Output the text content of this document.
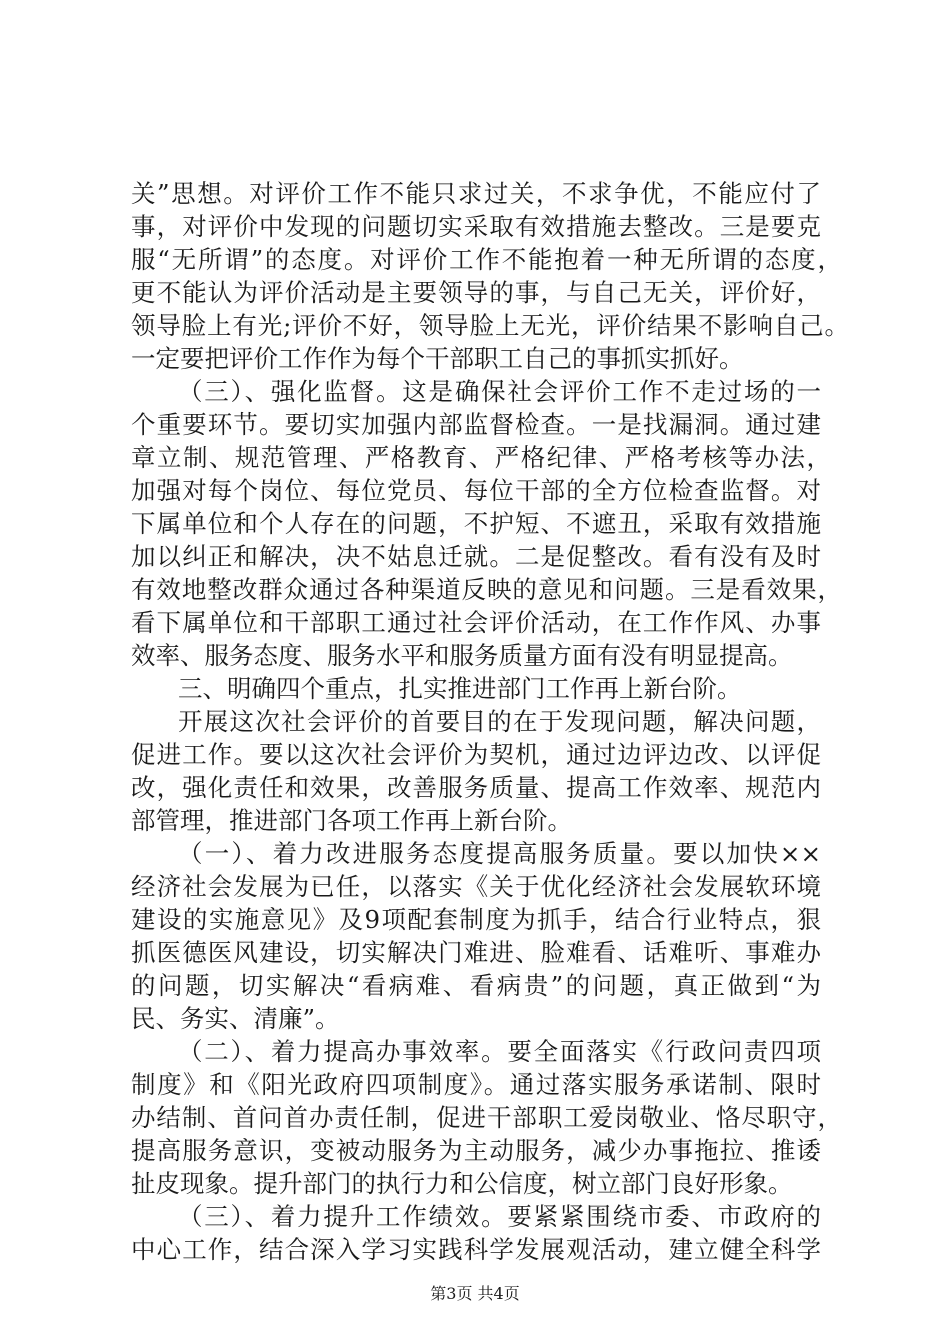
关”思想。对评价工作不能只求过关，不求争优，不能应付了
事，对评价中发现的问题切实采取有效措施去整改。三是要克
服“无所谓”的态度。对评价工作不能抱着一种无所谓的态度，
更不能认为评价活动是主要领导的事，与自己无关，评价好，
领导脸上有光;评价不好，领导脸上无光，评价结果不影响自己。
一定要把评价工作作为每个干部职工自己的事抓实抓好。
（三）、强化监督。这是确保社会评价工作不走过场的一
个重要环节。要切实加强内部监督检查。一是找漏洞。通过建
章立制、规范管理、严格教育、严格纪律、严格考核等办法，
加强对每个岗位、每位党员、每位干部的全方位检查监督。对
下属单位和个人存在的问题，不护短、不遮丑，采取有效措施
加以纠正和解决，决不姑息迁就。二是促整改。看有没有及时
有效地整改群众通过各种渠道反映的意见和问题。三是看效果，
看下属单位和干部职工通过社会评价活动，在工作作风、办事
效率、服务态度、服务水平和服务质量方面有没有明显提高。
三、明确四个重点，扎实推进部门工作再上新台阶。
开展这次社会评价的首要目的在于发现问题，解决问题，
促进工作。要以这次社会评价为契机，通过边评边改、以评促
改，强化责任和效果，改善服务质量、提高工作效率、规范内
部管理，推进部门各项工作再上新台阶。
（一）、着力改进服务态度提高服务质量。要以加快××
经济社会发展为已任，以落实《关于优化经济社会发展软环境
建设的实施意见》及9项配套制度为抓手，结合行业特点，狠
抓医德医风建设，切实解决门难进、脸难看、话难听、事难办
的问题，切实解决“看病难、看病贵”的问题，真正做到“为
民、务实、清廉”。
（二）、着力提高办事效率。要全面落实《行政问责四项
制度》和《阳光政府四项制度》。通过落实服务承诺制、限时
办结制、首问首办责任制，促进干部职工爱岗敬业、恪尽职守，
提高服务意识，变被动服务为主动服务，减少办事拖拉、推诿
扯皮现象。提升部门的执行力和公信度，树立部门良好形象。
（三）、着力提升工作绩效。要紧紧围绕市委、市政府的
中心工作，结合深入学习实践科学发展观活动，建立健全科学
第3页 共4页
